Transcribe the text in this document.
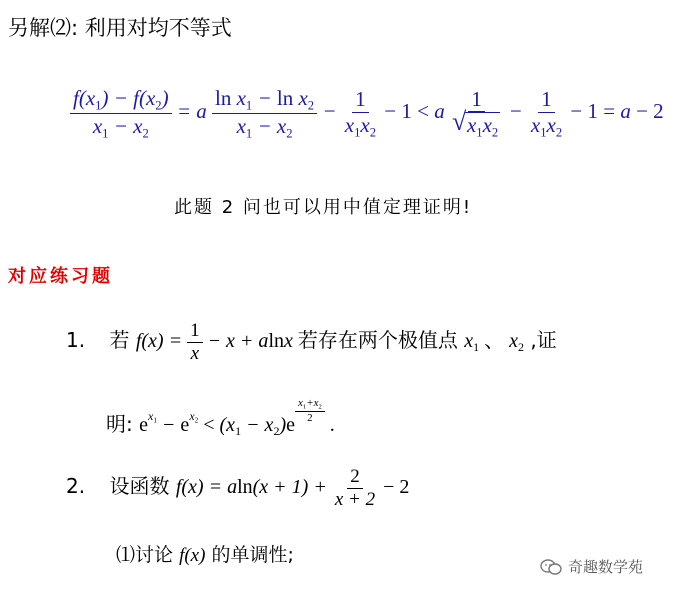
另解⑵: 利用对均不等式
$\frac{f(x_1) - f(x_2)}{x_1 - x_2} = a \frac{\ln x_1 - \ln x_2}{x_1 - x_2} - \frac{1}{x_1x_2} - 1 < a$ 1
√ $x_1x_2 - \frac{1}{x_1x_2} - 1 = a - 2$
此题 2 问也可以用中值定理证明!
对应练习题
1. 若 $f(x) = \frac{1}{x} - x + alnx$ 若存在两个极值点 $x_1$ 、 $x_2$ ,证
明: $e^{x_1} - e^{x_2} < (x_1 - x_2)e$
$^{\frac{x_1+x_2}{2}}$
.
2. 设函数 $f(x) = aln(x + 1) + \frac{2}{x + 2} - 2$
⑴讨论 f(x) 的单调性;
奇趣数学苑
